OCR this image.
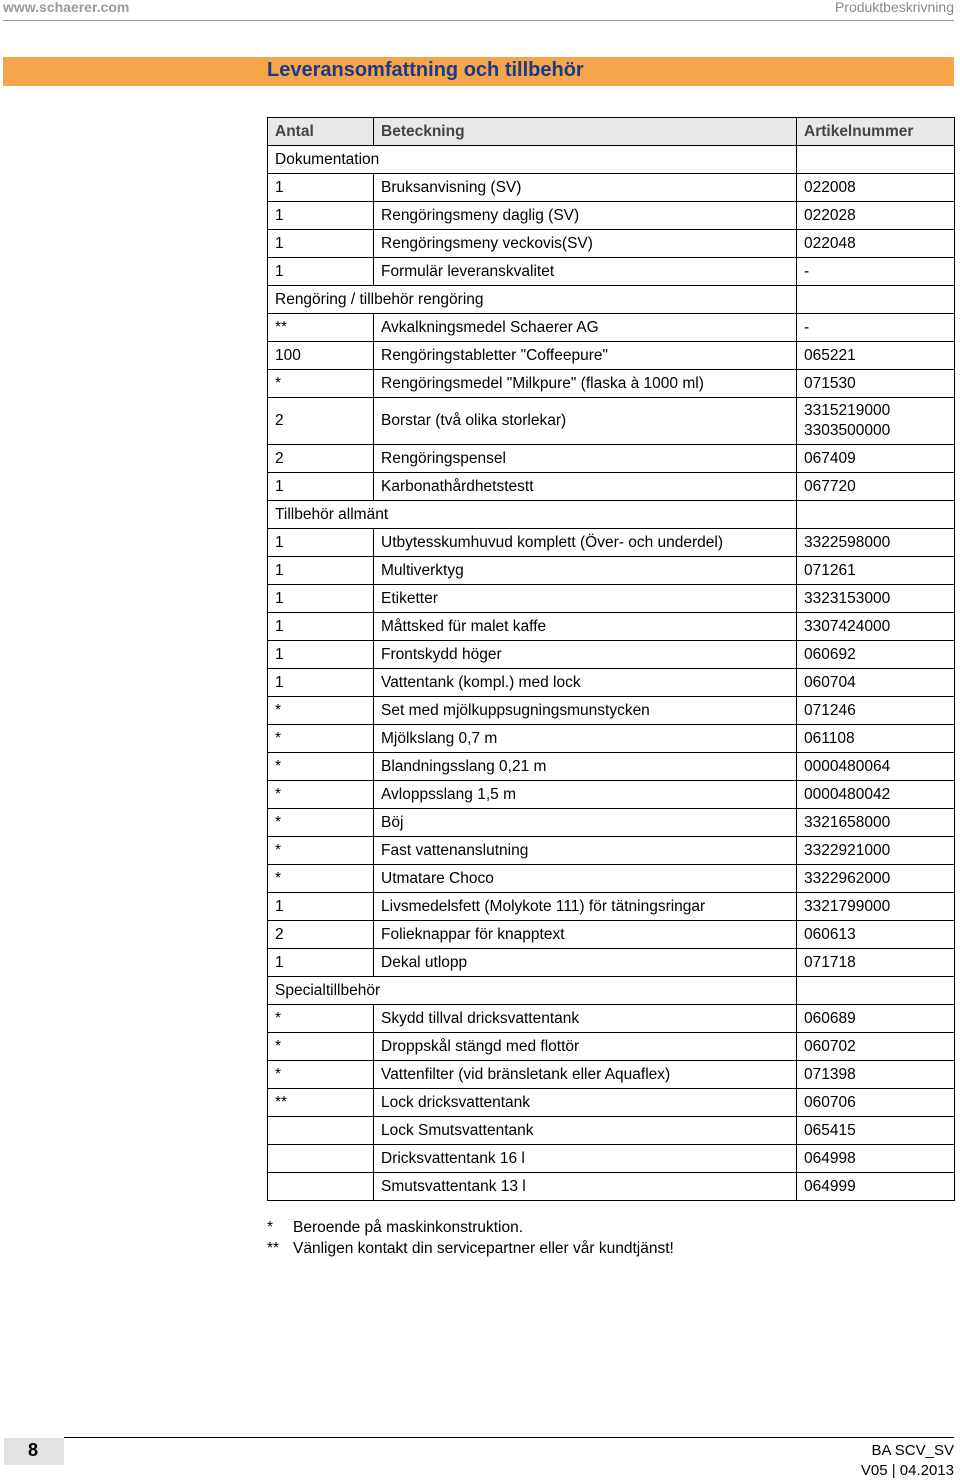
www.schaerer.com	Produktbeskrivning
Leveransomfattning och tillbehör
Antal	Beteckning	Artikelnummer
Dokumentation		
1	Bruksanvisning (SV)	022008
1	Rengöringsmeny daglig (SV)	022028
1	Rengöringsmeny veckovis(SV)	022048
1	Formulär leveranskvalitet	-
Rengöring / tillbehör rengöring		
**	Avkalkningsmedel Schaerer AG	-
100	Rengöringstabletter "Coffeepure"	065221
*	Rengöringsmedel "Milkpure" (flaska à 1000 ml)	071530
2	Borstar (två olika storlekar)	3315219000
3303500000
2	Rengöringspensel	067409
1	Karbonathårdhetstestt	067720
Tillbehör allmänt		
1	Utbytesskumhuvud komplett (Över- och underdel)	3322598000
1	Multiverktyg	071261
1	Etiketter	3323153000
1	Måttsked für malet kaffe	3307424000
1	Frontskydd höger	060692
1	Vattentank (kompl.) med lock	060704
*	Set med mjölkuppsugningsmunstycken	071246
*	Mjölkslang 0,7 m	061108
*	Blandningsslang 0,21 m	0000480064
*	Avloppsslang 1,5 m	0000480042
*	Böj	3321658000
*	Fast vattenanslutning	3322921000
*	Utmatare Choco	3322962000
1	Livsmedelsfett (Molykote 111) för tätningsringar	3321799000
2	Folieknappar för knapptext	060613
1	Dekal utlopp	071718
Specialtillbehör		
*	Skydd tillval dricksvattentank	060689
*	Droppskål stängd med flottör	060702
*	Vattenfilter (vid bränsletank eller Aquaflex)	071398
**	Lock dricksvattentank	060706
	Lock Smutsvattentank	065415
	Dricksvattentank 16 l	064998
	Smutsvattentank 13 l	064999
* Beroende på maskinkonstruktion.
** Vänligen kontakt din servicepartner eller vår kundtjänst!
8	BA SCV_SV
V05 | 04.2013
